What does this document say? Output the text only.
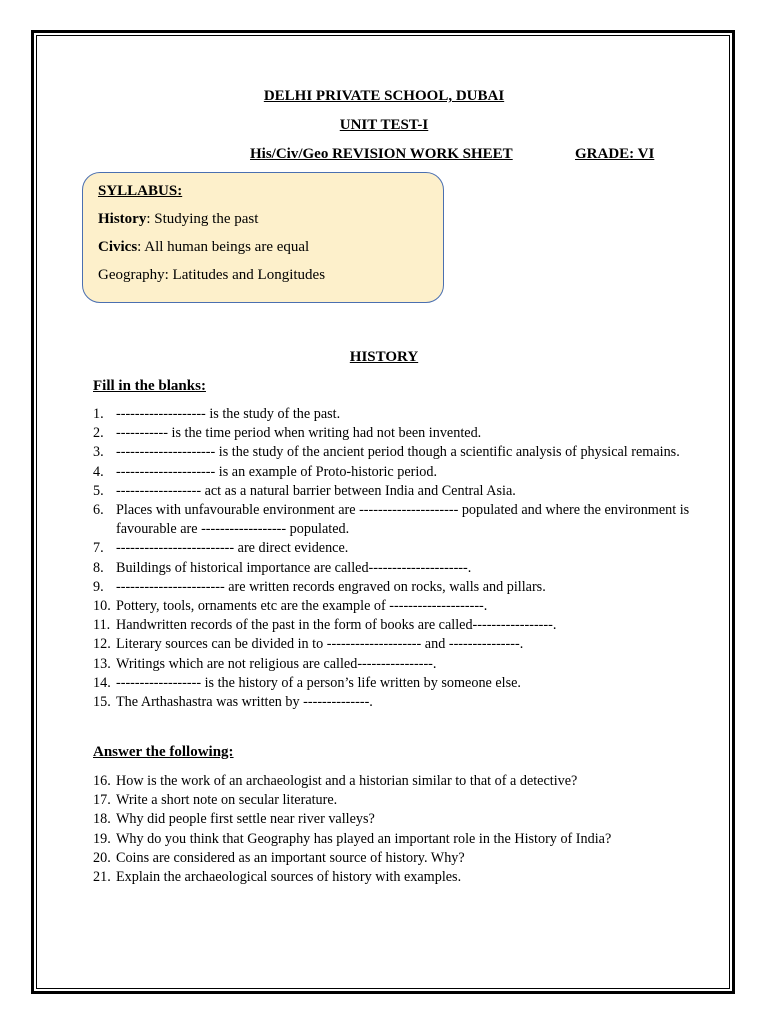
DELHI PRIVATE SCHOOL, DUBAI
UNIT TEST-I
His/Civ/Geo REVISION WORK SHEET	GRADE: VI
SYLLABUS:
History: Studying the past
Civics: All human beings are equal
Geography: Latitudes and Longitudes
HISTORY
Fill in the blanks:
1. ------------------- is the study of the past.
2. ----------- is the time period when writing had not been invented.
3. --------------------- is the study of the ancient period though a scientific analysis of physical remains.
4. --------------------- is an example of Proto-historic period.
5. ------------------ act as a natural barrier between India and Central Asia.
6. Places with unfavourable environment are --------------------- populated and where the environment is favourable are ------------------ populated.
7. ------------------------- are direct evidence.
8. Buildings of historical importance are called---------------------.
9. ----------------------- are written records engraved on rocks, walls and pillars.
10. Pottery, tools, ornaments etc are the example of --------------------.
11. Handwritten records of the past in the form of books are called-----------------.
12. Literary sources can be divided in to -------------------- and ---------------.
13. Writings which are not religious are called----------------.
14. ------------------ is the history of a person’s life written by someone else.
15. The Arthashastra was written by --------------.
Answer the following:
16. How is the work of an archaeologist and a historian similar to that of a detective?
17. Write a short note on secular literature.
18. Why did people first settle near river valleys?
19. Why do you think that Geography has played an important role in the History of India?
20. Coins are considered as an important source of history. Why?
21. Explain the archaeological sources of history with examples.
